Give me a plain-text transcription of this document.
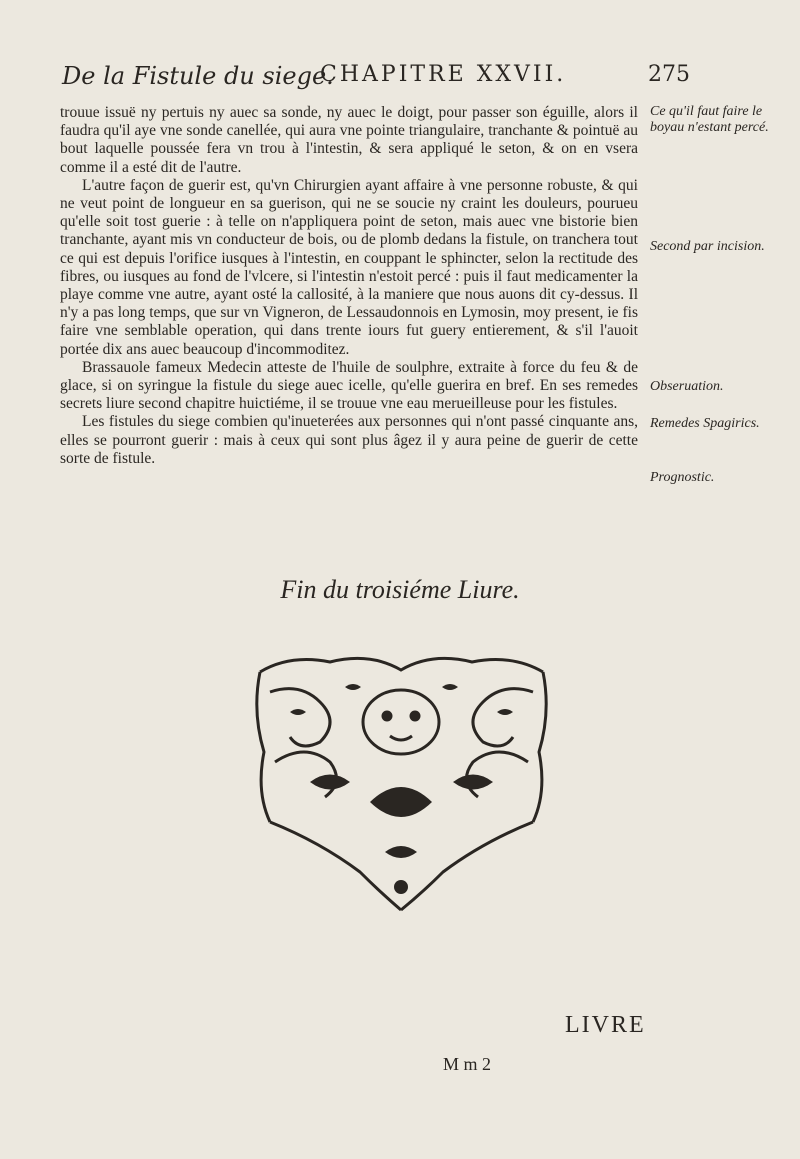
De la Fistule du siege.
CHAPITRE XXVII.	275

trouue issuë ny pertuis ny auec sa sonde, ny auec le doigt, pour passer son éguille, alors il faudra qu'il aye vne sonde canellée, qui aura vne pointe triangulaire, tranchante & pointuë au bout laquelle poussée fera vn trou à l'intestin, & sera appliqué le seton, & on en vsera comme il a esté dit de l'autre.

L'autre façon de guerir est, qu'vn Chirurgien ayant affaire à vne personne robuste, & qui ne veut point de longueur en sa guerison, qui ne se soucie ny craint les douleurs, pourueu qu'elle soit tost guerie : à telle on n'appliquera point de seton, mais auec vne bistorie bien tranchante, ayant mis vn conducteur de bois, ou de plomb dedans la fistule, on tranchera tout ce qui est depuis l'orifice iusques à l'intestin, en couppant le sphincter, selon la rectitude des fibres, ou iusques au fond de l'vlcere, si l'intestin n'estoit percé : puis il faut medicamenter la playe comme vne autre, ayant osté la callosité, à la maniere que nous auons dit cy-dessus. Il n'y a pas long temps, que sur vn Vigneron, de Lessaudonnois en Lymosin, moy present, ie fis faire vne semblable operation, qui dans trente iours fut guery entierement, & s'il l'auoit portée dix ans auec beaucoup d'incommoditez.

Brassauole fameux Medecin atteste de l'huile de soulphre, extraite à force du feu & de glace, si on syringue la fistule du siege auec icelle, qu'elle guerira en bref. En ses remedes secrets liure second chapitre huictiéme, il se trouue vne eau merueilleuse pour les fistules.

Les fistules du siege combien qu'inueterées aux personnes qui n'ont passé cinquante ans, elles se pourront guerir : mais à ceux qui sont plus âgez il y aura peine de guerir de cette sorte de fistule.

Ce qu'il faut faire le boyau n'estant percé.
Second par incision.
Obseruation.
Remedes Spagirics.
Prognostic.
Fin du troisiéme Liure.
LIVRE
M m 2
